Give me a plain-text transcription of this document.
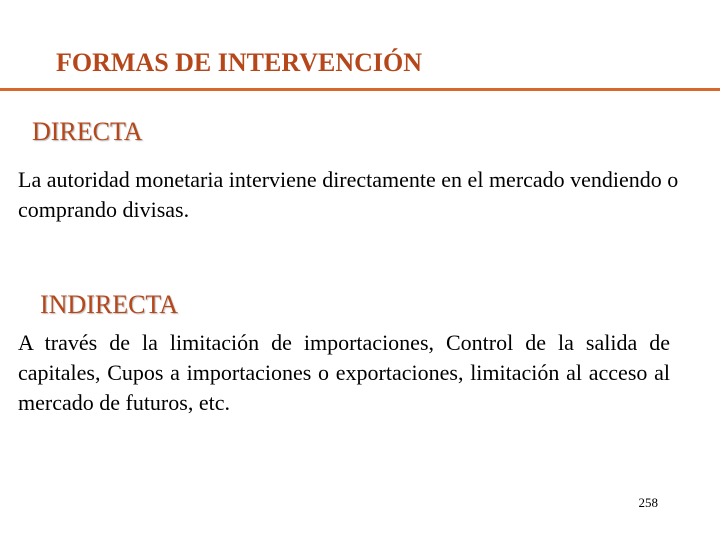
FORMAS DE INTERVENCIÓN
DIRECTA
La autoridad monetaria interviene directamente en el mercado vendiendo o comprando divisas.
INDIRECTA
A través de la limitación de importaciones, Control de la salida de capitales, Cupos a importaciones o exportaciones, limitación al acceso al mercado de futuros, etc.
258
